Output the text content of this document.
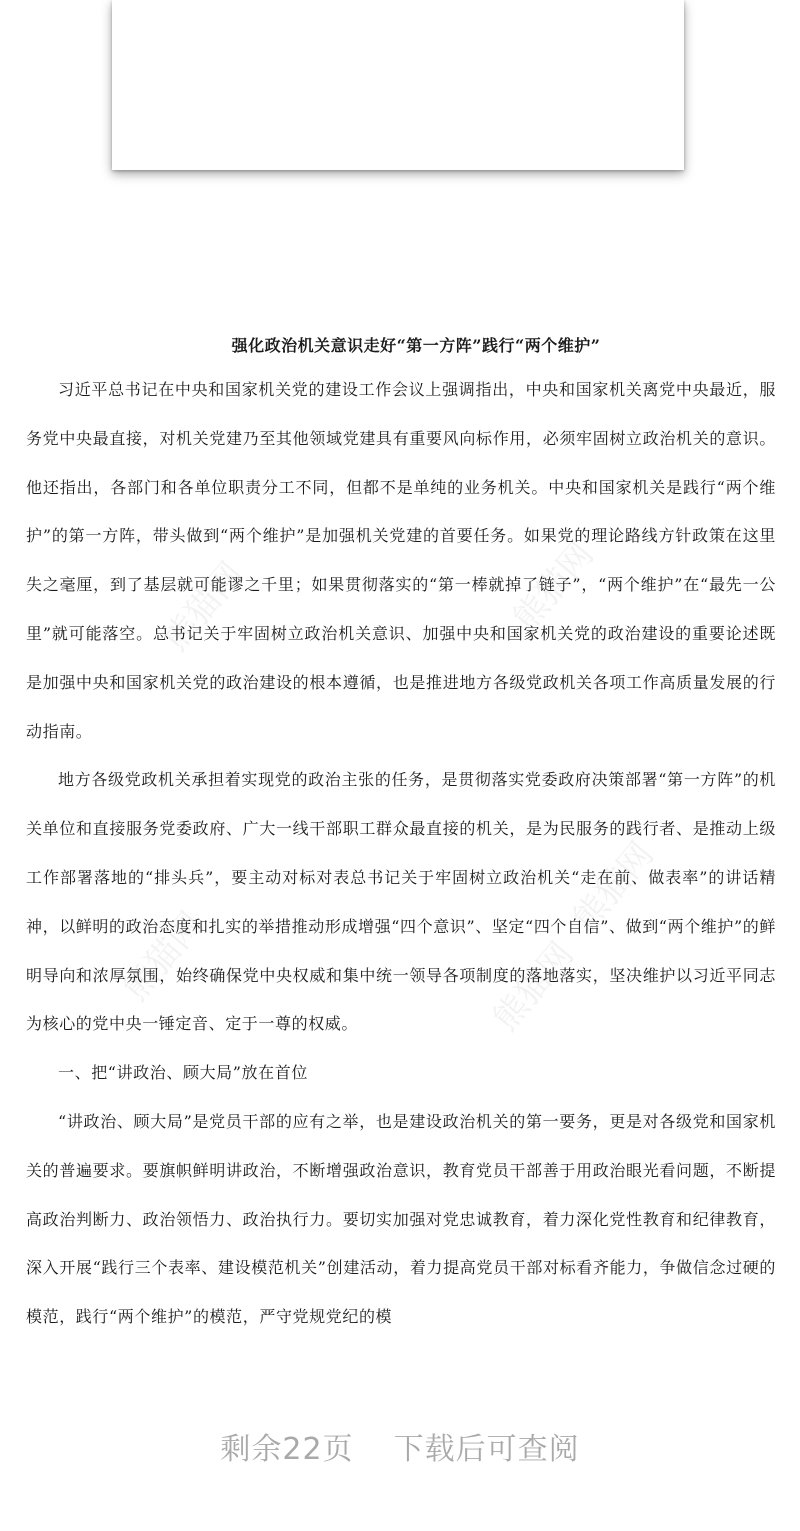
熊猫网	熊猫网
熊猫网
熊猫网	熊猫网
强化政治机关意识走好“第一方阵”践行“两个维护”

习近平总书记在中央和国家机关党的建设工作会议上强调指出，中央和国家机关离党中央最近，服务党中央最直接，对机关党建乃至其他领域党建具有重要风向标作用，必须牢固树立政治机关的意识。他还指出，各部门和各单位职责分工不同，但都不是单纯的业务机关。中央和国家机关是践行“两个维护”的第一方阵，带头做到“两个维护”是加强机关党建的首要任务。如果党的理论路线方针政策在这里失之毫厘，到了基层就可能谬之千里；如果贯彻落实的“第一棒就掉了链子”，“两个维护”在“最先一公里”就可能落空。总书记关于牢固树立政治机关意识、加强中央和国家机关党的政治建设的重要论述既是加强中央和国家机关党的政治建设的根本遵循，也是推进地方各级党政机关各项工作高质量发展的行动指南。

地方各级党政机关承担着实现党的政治主张的任务，是贯彻落实党委政府决策部署“第一方阵”的机关单位和直接服务党委政府、广大一线干部职工群众最直接的机关，是为民服务的践行者、是推动上级工作部署落地的“排头兵”，要主动对标对表总书记关于牢固树立政治机关“走在前、做表率”的讲话精神，以鲜明的政治态度和扎实的举措推动形成增强“四个意识”、坚定“四个自信”、做到“两个维护”的鲜明导向和浓厚氛围，始终确保党中央权威和集中统一领导各项制度的落地落实，坚决维护以习近平同志为核心的党中央一锤定音、定于一尊的权威。

一、把“讲政治、顾大局”放在首位

“讲政治、顾大局”是党员干部的应有之举，也是建设政治机关的第一要务，更是对各级党和国家机关的普遍要求。要旗帜鲜明讲政治，不断增强政治意识，教育党员干部善于用政治眼光看问题，不断提高政治判断力、政治领悟力、政治执行力。要切实加强对党忠诚教育，着力深化党性教育和纪律教育，深入开展“践行三个表率、建设模范机关”创建活动，着力提高党员干部对标看齐能力，争做信念过硬的模范，践行“两个维护”的模范，严守党规党纪的模

剩余22页 下载后可查阅
